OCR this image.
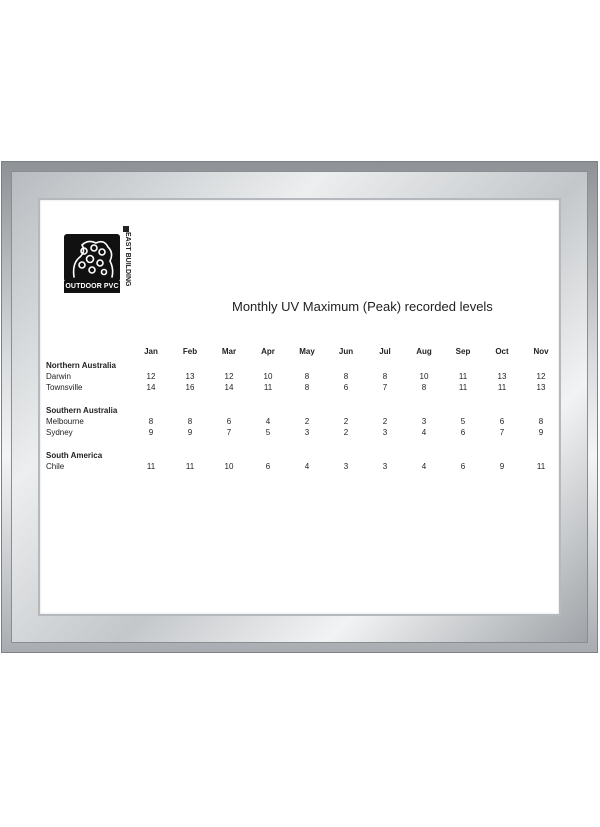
OUTDOOR PVC
EAST BUILDING
Monthly UV Maximum (Peak) recorded levels
Jan	Feb	Mar	Apr	May	Jun	Jul	Aug	Sep	Oct	Nov
Northern Australia
Darwin	12	13	12	10	8	8	8	10	11	13	12
Townsville	14	16	14	11	8	6	7	8	11	11	13
Southern Australia
Melbourne	8	8	6	4	2	2	2	3	5	6	8
Sydney	9	9	7	5	3	2	3	4	6	7	9
South America
Chile	11	11	10	6	4	3	3	4	6	9	11
